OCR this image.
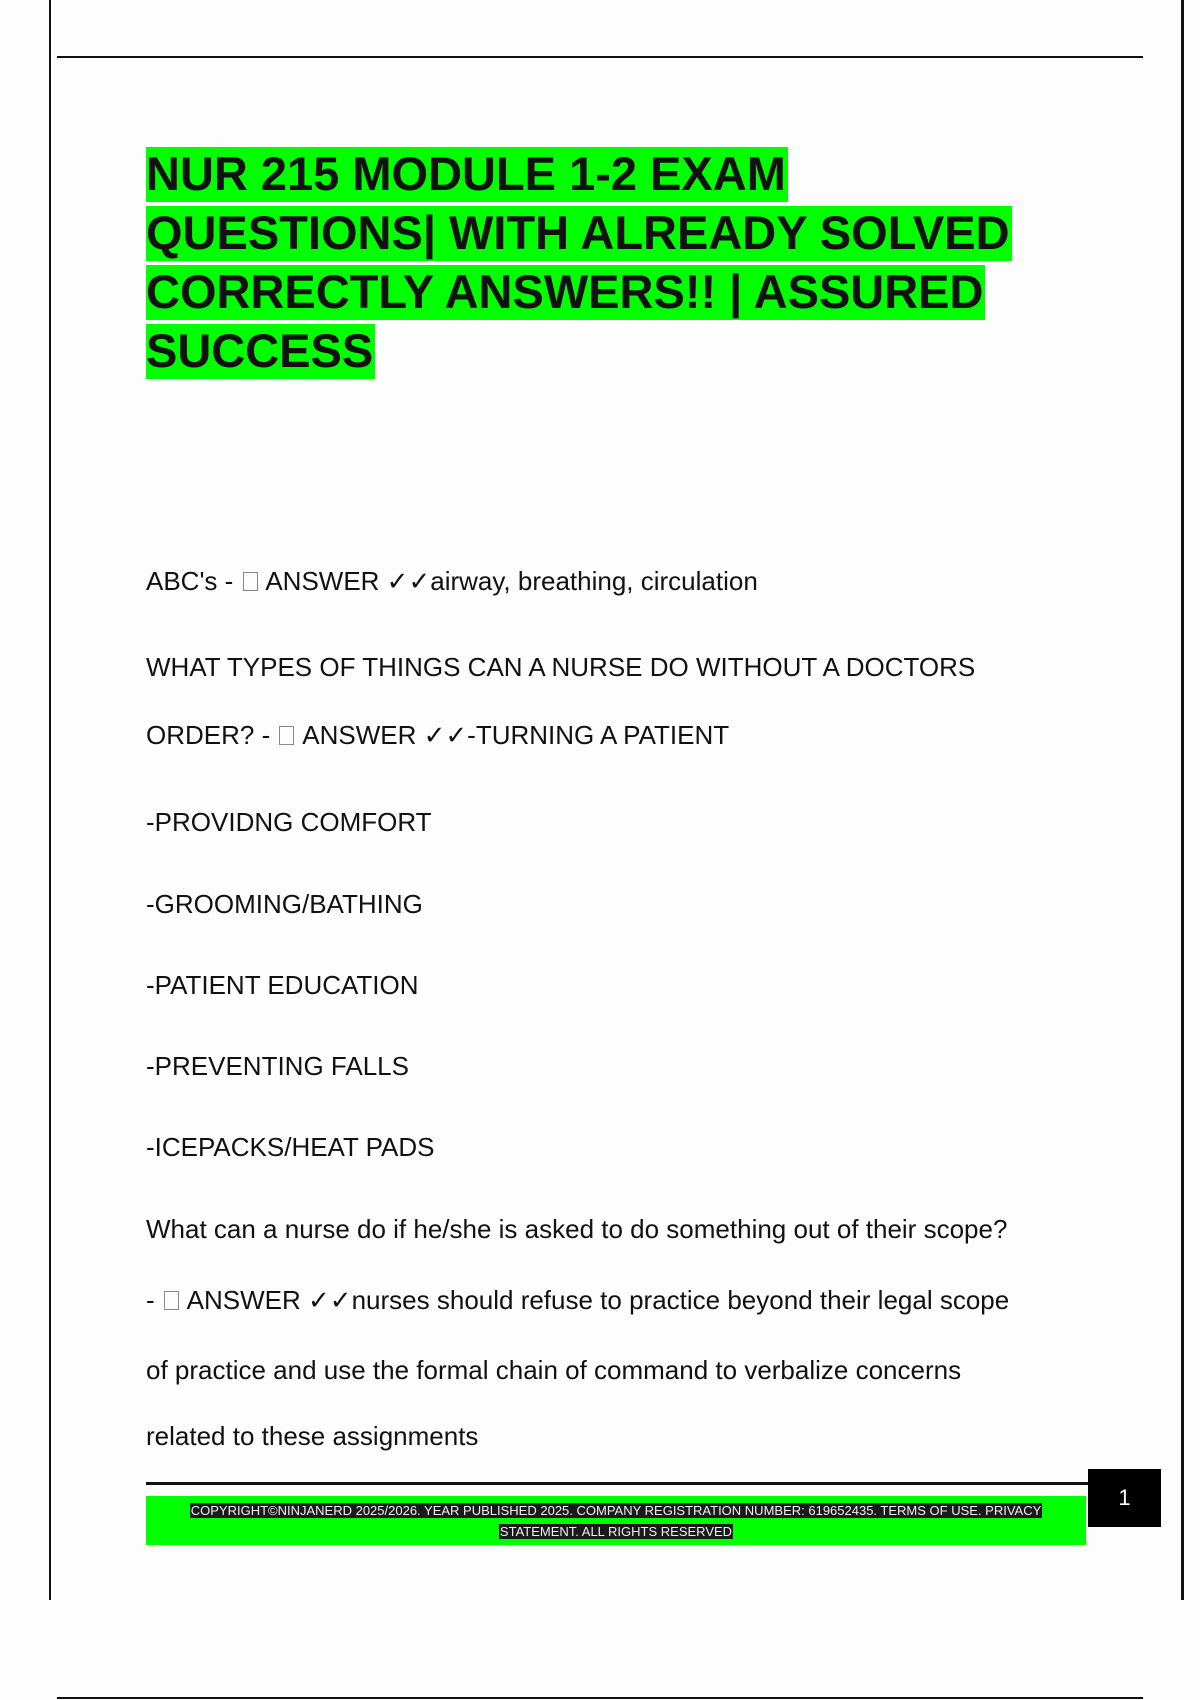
NUR 215 MODULE 1-2 EXAM
QUESTIONS| WITH ALREADY SOLVED
CORRECTLY ANSWERS!! | ASSURED
SUCCESS
ABC's -  ANSWER ✓✓airway, breathing, circulation
WHAT TYPES OF THINGS CAN A NURSE DO WITHOUT A DOCTORS
ORDER? -  ANSWER ✓✓-TURNING A PATIENT
-PROVIDNG COMFORT
-GROOMING/BATHING
-PATIENT EDUCATION
-PREVENTING FALLS
-ICEPACKS/HEAT PADS
What can a nurse do if he/she is asked to do something out of their scope?
-  ANSWER ✓✓nurses should refuse to practice beyond their legal scope
of practice and use the formal chain of command to verbalize concerns
related to these assignments
COPYRIGHT©NINJANERD 2025/2026. YEAR PUBLISHED 2025. COMPANY REGISTRATION NUMBER: 619652435. TERMS OF USE. PRIVACY
STATEMENT. ALL RIGHTS RESERVED
1
